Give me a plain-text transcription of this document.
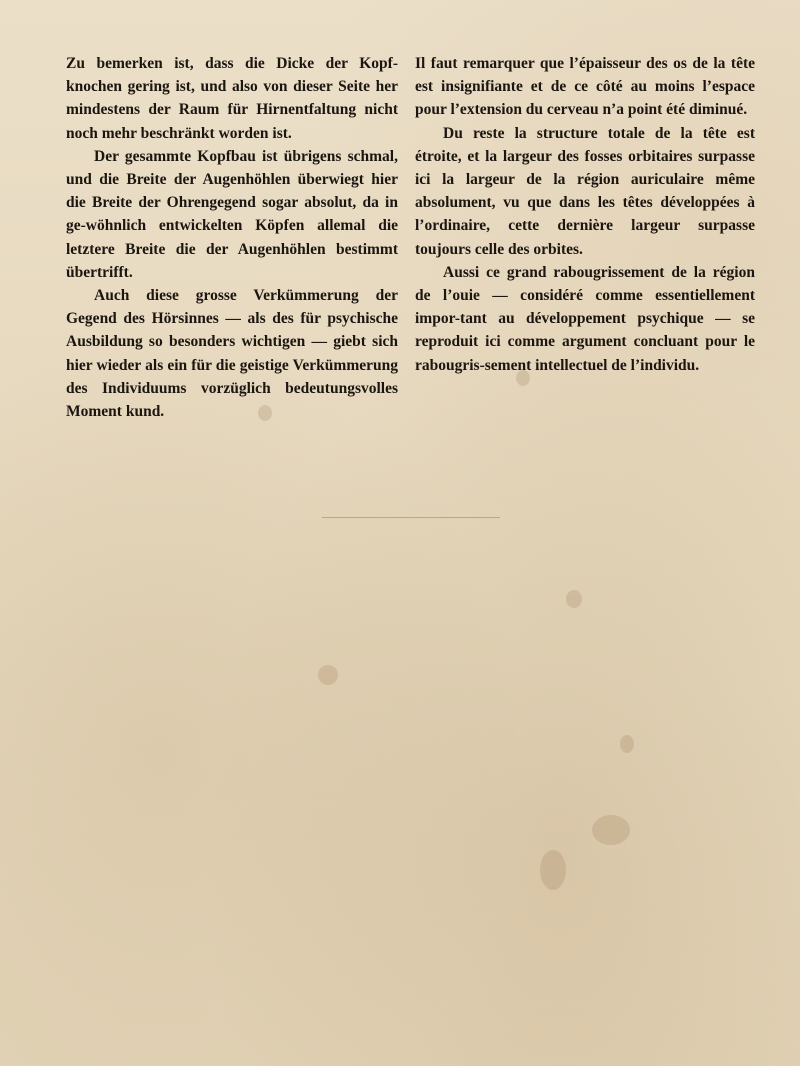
Zu bemerken ist, dass die Dicke der Kopf-knochen gering ist, und also von dieser Seite her mindestens der Raum für Hirnentfaltung nicht noch mehr beschränkt worden ist.

Der gesammte Kopfbau ist übrigens schmal, und die Breite der Augenhöhlen überwiegt hier die Breite der Ohrengegend sogar absolut, da in ge-wöhnlich entwickelten Köpfen allemal die letztere Breite die der Augenhöhlen bestimmt übertrifft.

Auch diese grosse Verkümmerung der Gegend des Hörsinnes — als des für psychische Ausbildung so besonders wichtigen — giebt sich hier wieder als ein für die geistige Verkümmerung des Individuums vorzüglich bedeutungsvolles Moment kund.

Il faut remarquer que l’épaisseur des os de la tête est insignifiante et de ce côté au moins l’espace pour l’extension du cerveau n’a point été diminué.

Du reste la structure totale de la tête est étroite, et la largeur des fosses orbitaires surpasse ici la largeur de la région auriculaire même absolument, vu que dans les têtes développées à l’ordinaire, cette dernière largeur surpasse toujours celle des orbites.

Aussi ce grand rabougrissement de la région de l’ouie — considéré comme essentiellement impor-tant au développement psychique — se reproduit ici comme argument concluant pour le rabougris-sement intellectuel de l’individu.
